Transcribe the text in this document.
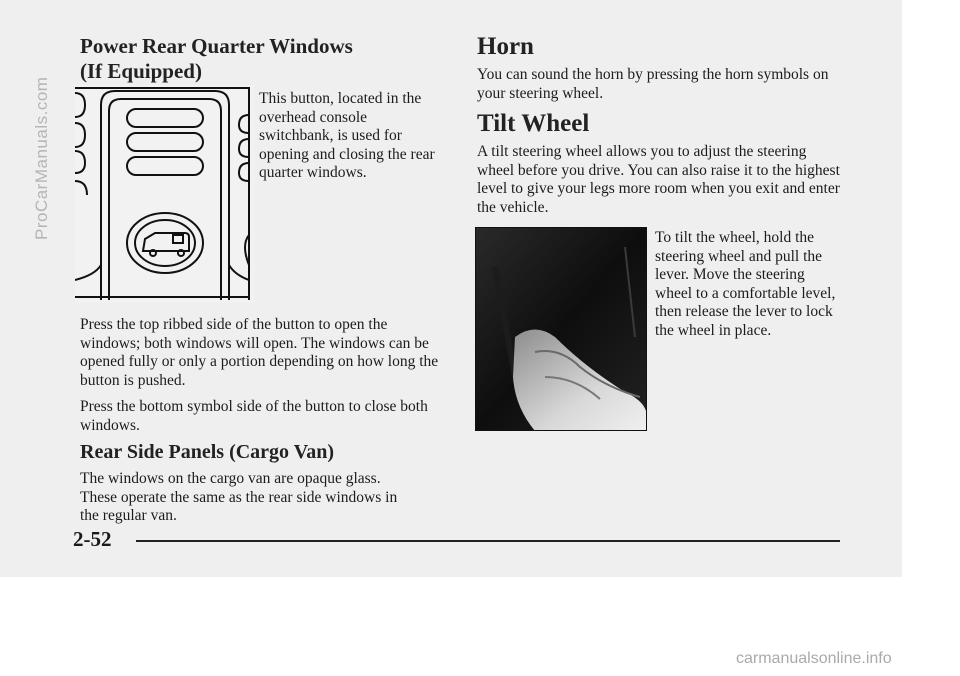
Power Rear Quarter Windows
(If Equipped)

This button, located in the overhead console switchbank, is used for opening and closing the rear quarter windows.

Press the top ribbed side of the button to open the windows; both windows will open. The windows can be opened fully or only a portion depending on how long the button is pushed.

Press the bottom symbol side of the button to close both windows.

Rear Side Panels (Cargo Van)

The windows on the cargo van are opaque glass. These operate the same as the rear side windows in the regular van.

Horn

You can sound the horn by pressing the horn symbols on your steering wheel.

Tilt Wheel

A tilt steering wheel allows you to adjust the steering wheel before you drive. You can also raise it to the highest level to give your legs more room when you exit and enter the vehicle.

To tilt the wheel, hold the steering wheel and pull the lever. Move the steering wheel to a comfortable level, then release the lever to lock the wheel in place.

2-52
ProCarManuals.com
carmanualsonline.info
